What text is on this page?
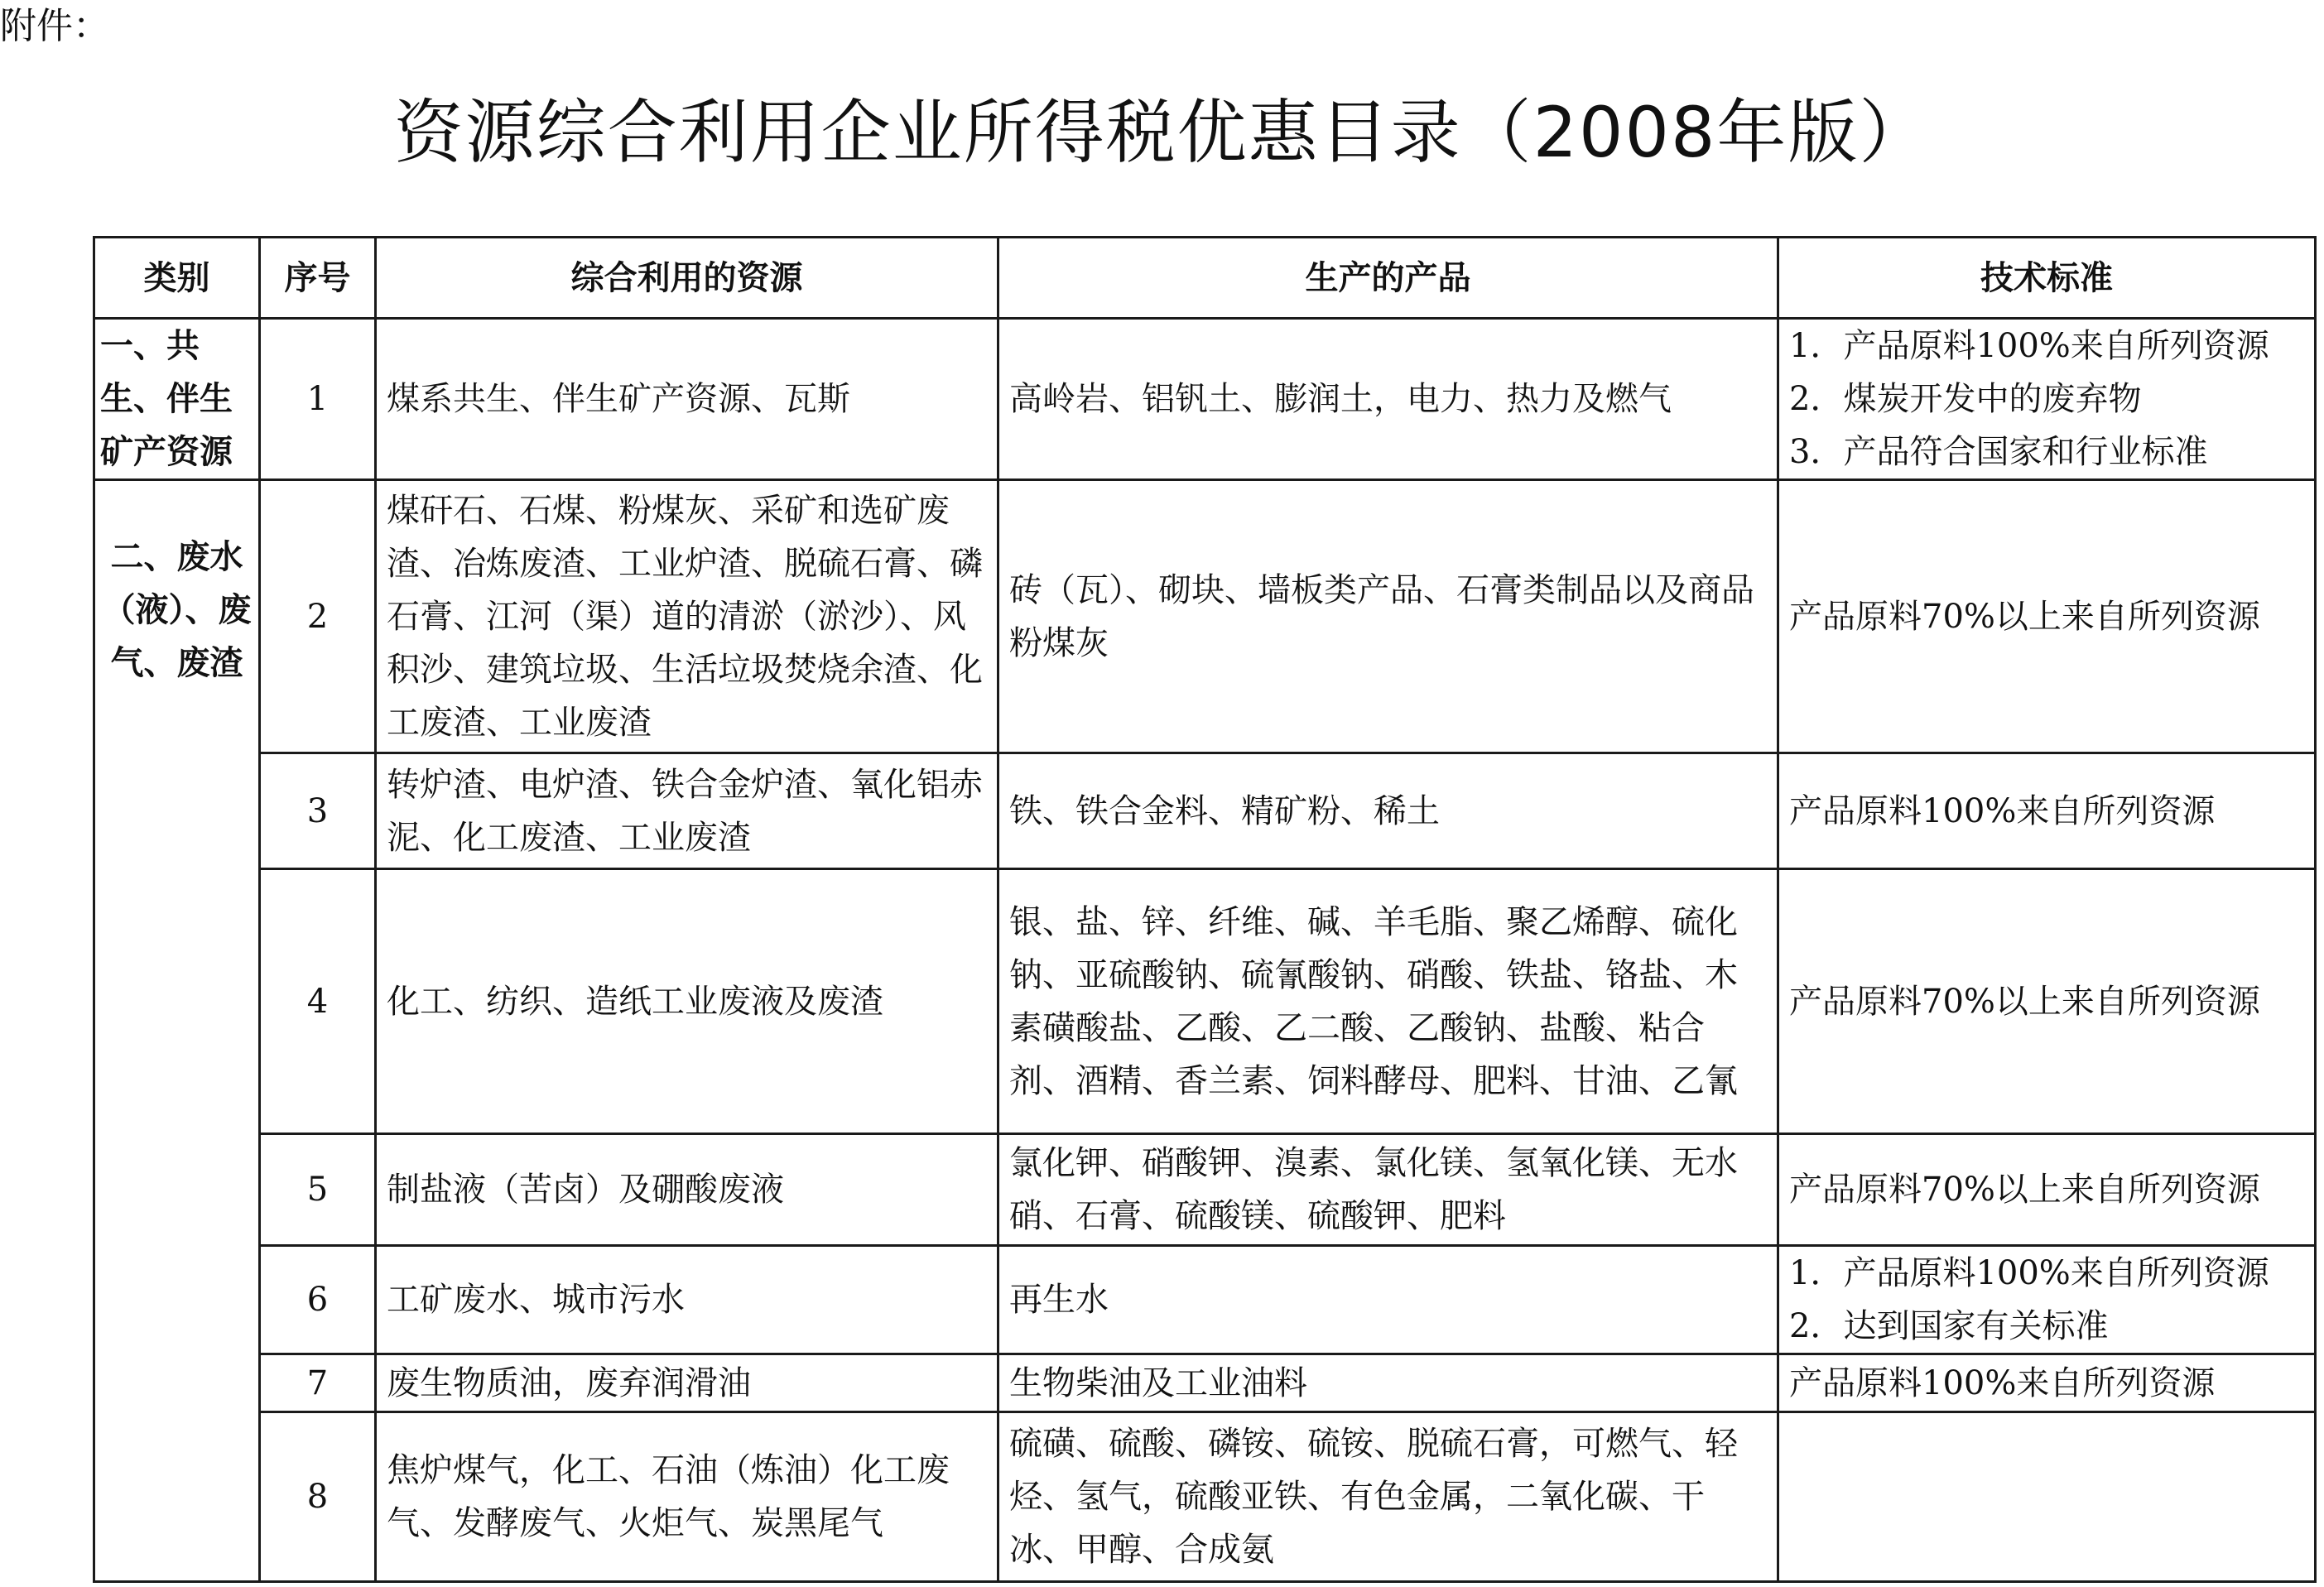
附件：
资源综合利用企业所得税优惠目录（2008年版）
类别	序号	综合利用的资源	生产的产品	技术标准
一、共生、伴生矿产资源	1	煤系共生、伴生矿产资源、瓦斯	高岭岩、铝钒土、膨润土，电力、热力及燃气	1．产品原料100%来自所列资源
2．煤炭开发中的废弃物
3．产品符合国家和行业标准

二、废水（液）、废气、废渣	2	煤矸石、石煤、粉煤灰、采矿和选矿废渣、冶炼废渣、工业炉渣、脱硫石膏、磷石膏、江河（渠）道的清淤（淤沙）、风积沙、建筑垃圾、生活垃圾焚烧余渣、化工废渣、工业废渣	砖（瓦）、砌块、墙板类产品、石膏类制品以及商品粉煤灰	产品原料70%以上来自所列资源

	3	转炉渣、电炉渣、铁合金炉渣、氧化铝赤泥、化工废渣、工业废渣	铁、铁合金料、精矿粉、稀土	产品原料100%来自所列资源

	4	化工、纺织、造纸工业废液及废渣	银、盐、锌、纤维、碱、羊毛脂、聚乙烯醇、硫化钠、亚硫酸钠、硫氰酸钠、硝酸、铁盐、铬盐、木素磺酸盐、乙酸、乙二酸、乙酸钠、盐酸、粘合剂、酒精、香兰素、饲料酵母、肥料、甘油、乙氰	产品原料70%以上来自所列资源

	5	制盐液（苦卤）及硼酸废液	氯化钾、硝酸钾、溴素、氯化镁、氢氧化镁、无水硝、石膏、硫酸镁、硫酸钾、肥料	产品原料70%以上来自所列资源

	6	工矿废水、城市污水	再生水	1．产品原料100%来自所列资源
2．达到国家有关标准

	7	废生物质油，废弃润滑油	生物柴油及工业油料	产品原料100%来自所列资源

	8	焦炉煤气，化工、石油（炼油）化工废气、发酵废气、火炬气、炭黑尾气	硫磺、硫酸、磷铵、硫铵、脱硫石膏，可燃气、轻烃、氢气，硫酸亚铁、有色金属，二氧化碳、干冰、甲醇、合成氨	
